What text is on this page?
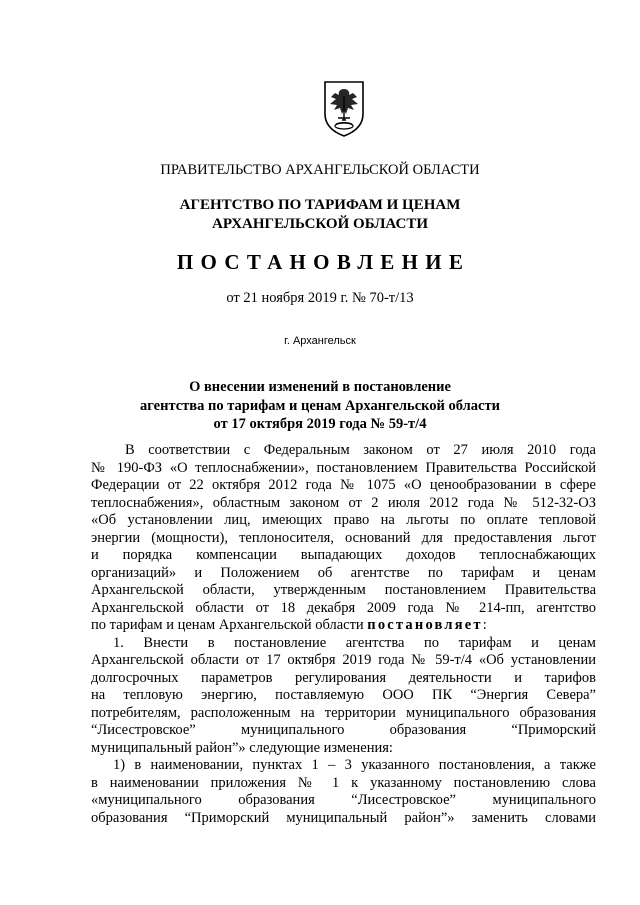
ПРАВИТЕЛЬСТВО АРХАНГЕЛЬСКОЙ ОБЛАСТИ
АГЕНТСТВО ПО ТАРИФАМ И ЦЕНАМ
АРХАНГЕЛЬСКОЙ ОБЛАСТИ
ПОСТАНОВЛЕНИЕ
от 21 ноября 2019 г. № 70-т/13
г. Архангельск
О внесении изменений в постановление
агентства по тарифам и ценам Архангельской области
от 17 октября 2019 года № 59-т/4

В соответствии с Федеральным законом от 27 июля 2010 года

№ 190-ФЗ «О теплоснабжении», постановлением Правительства Российской

Федерации от 22 октября 2012 года № 1075 «О ценообразовании в сфере

теплоснабжения», областным законом от 2 июля 2012 года № 512-32-ОЗ

«Об установлении лиц, имеющих право на льготы по оплате тепловой

энергии (мощности), теплоносителя, оснований для предоставления льгот

и порядка компенсации выпадающих доходов теплоснабжающих

организаций» и Положением об агентстве по тарифам и ценам

Архангельской области, утвержденным постановлением Правительства

Архангельской области от 18 декабря 2009 года № 214-пп, агентство

по тарифам и ценам Архангельской области постановляет:

1. Внести в постановление агентства по тарифам и ценам

Архангельской области от 17 октября 2019 года № 59-т/4 «Об установлении

долгосрочных параметров регулирования деятельности и тарифов

на тепловую энергию, поставляемую ООО ПК “Энергия Севера”

потребителям, расположенным на территории муниципального образования

“Лисестровское” муниципального образования “Приморский

муниципальный район”» следующие изменения:

1) в наименовании, пунктах 1 – 3 указанного постановления, а также

в наименовании приложения № 1 к указанному постановлению слова

«муниципального образования “Лисестровское” муниципального

образования “Приморский муниципальный район”» заменить словами
